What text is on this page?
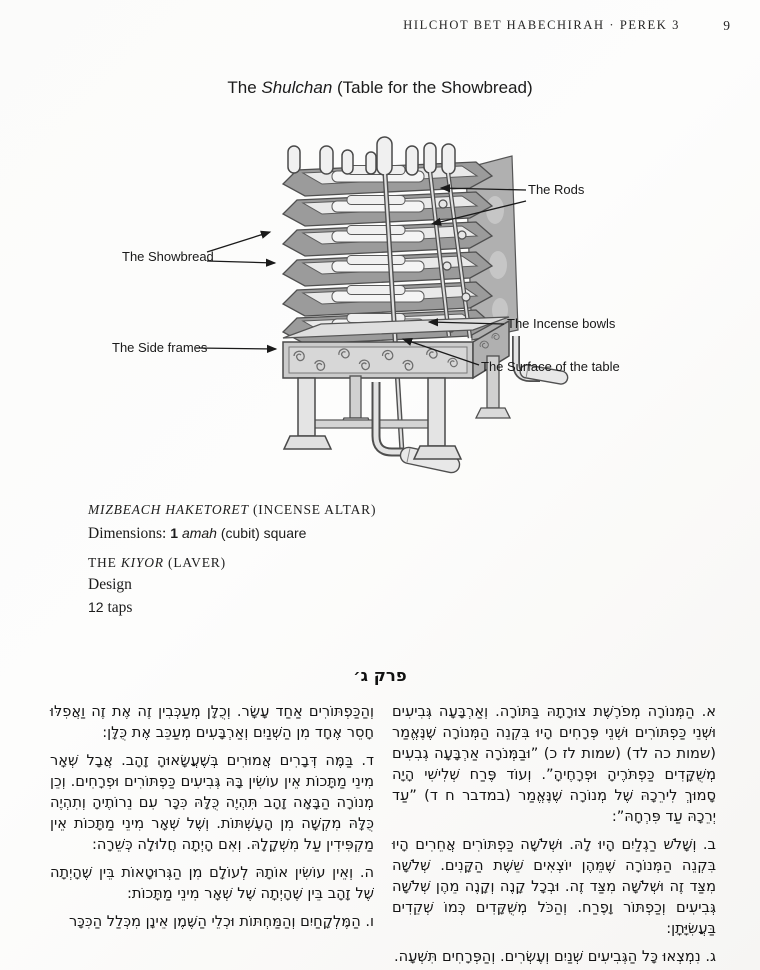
HILCHOT BET HABECHIRAH · PEREK 3	9
The Shulchan (Table for the Showbread)
The Rods
The Showbread
The Incense bowls
The Side frames
The Surface of the table
MIZBEACH HAKETORET (INCENSE ALTAR)
Dimensions: 1 amah (cubit) square
THE KIYOR (LAVER)
Design
12 taps
פרק ג׳

א. הַמְּנוֹרָה מְפֹרֶשֶׁת צוּרָתָהּ בַּתּוֹרָה. וְאַרְבָּעָה גְּבִיעִים וּשְׁנֵי כַּפְתּוֹרִים וּשְׁנֵי פְּרָחִים הָיוּ בִּקְנֵה הַמְּנוֹרָה שֶׁנֶּאֱמַר (שמות כה לד) (שמות לז כ) ”וּבַמְּנֹרָה אַרְבָּעָה גְבִעִים מְשֻׁקָּדִים כַּפְתֹּרֶיהָ וּפְרָחֶיהָ”. וְעוֹד פֶּרַח שְׁלִישִׁי הָיָה סָמוּךְ לִירֵכָהּ שֶׁל מְנוֹרָה שֶׁנֶּאֱמַר (במדבר ח ד) ”עַד יְרֵכָהּ עַד פִּרְחָהּ”:

ב. וְשָׁלֹשׁ רַגְלַיִם הָיוּ לָהּ. וּשְׁלֹשָׁה כַּפְתּוֹרִים אֲחֵרִים הָיוּ בִּקְנֵה הַמְּנוֹרָה שֶׁמֵּהֶן יוֹצְאִים שֵׁשֶׁת הַקָּנִים. שְׁלֹשָׁה מִצַּד זֶה וּשְׁלֹשָׁה מִצַּד זֶה. וּבְכָל קָנֶה וְקָנֶה מֵהֶן שְׁלֹשָׁה גְּבִיעִים וְכַפְתּוֹר וָפֶרַח. וְהַכֹּל מְשֻׁקָּדִים כְּמוֹ שְׁקֵדִים בַּעֲשִׂיָּתָן:

ג. נִמְצְאוּ כָּל הַגְּבִיעִים שְׁנַיִם וְעֶשְׂרִים. וְהַפְּרָחִים תִּשְׁעָה.

וְהַכַּפְתּוֹרִים אַחַד עָשָׂר. וְכֻלָּן מְעַכְּבִין זֶה אֶת זֶה וַאֲפִלּוּ חָסֵר אֶחָד מִן הַשְּׁנַיִם וְאַרְבָּעִים מְעַכֵּב אֶת כֻּלָּן:

ד. בַּמֶּה דְּבָרִים אֲמוּרִים בְּשֶׁעֲשָׂאוּהָ זָהָב. אֲבָל שְׁאָר מִינֵי מַתָּכוֹת אֵין עוֹשִׂין בָּהּ גְּבִיעִים כַּפְתּוֹרִים וּפְרָחִים. וְכֵן מְנוֹרָה הַבָּאָה זָהָב תִּהְיֶה כֻּלָּהּ כִּכָּר עִם נֵרוֹתֶיהָ וְתִהְיֶה כֻּלָּהּ מִקְשָׁה מִן הָעֶשְׁתּוֹת. וְשֶׁל שְׁאָר מִינֵי מַתָּכוֹת אֵין מַקְפִּידִין עַל מִשְׁקָלָהּ. וְאִם הָיְתָה חֲלוּלָה כְּשֵׁרָה:

ה. וְאֵין עוֹשִׂין אוֹתָהּ לְעוֹלָם מִן הַגְּרוּטָאוֹת בֵּין שֶׁהָיְתָה שֶׁל זָהָב בֵּין שֶׁהָיְתָה שֶׁל שְׁאָר מִינֵי מַתָּכוֹת:

ו. הַמֶּלְקָחַיִם וְהַמַּחְתּוֹת וּכְלֵי הַשֶּׁמֶן אֵינָן מִכְּלַל הַכִּכָּר
